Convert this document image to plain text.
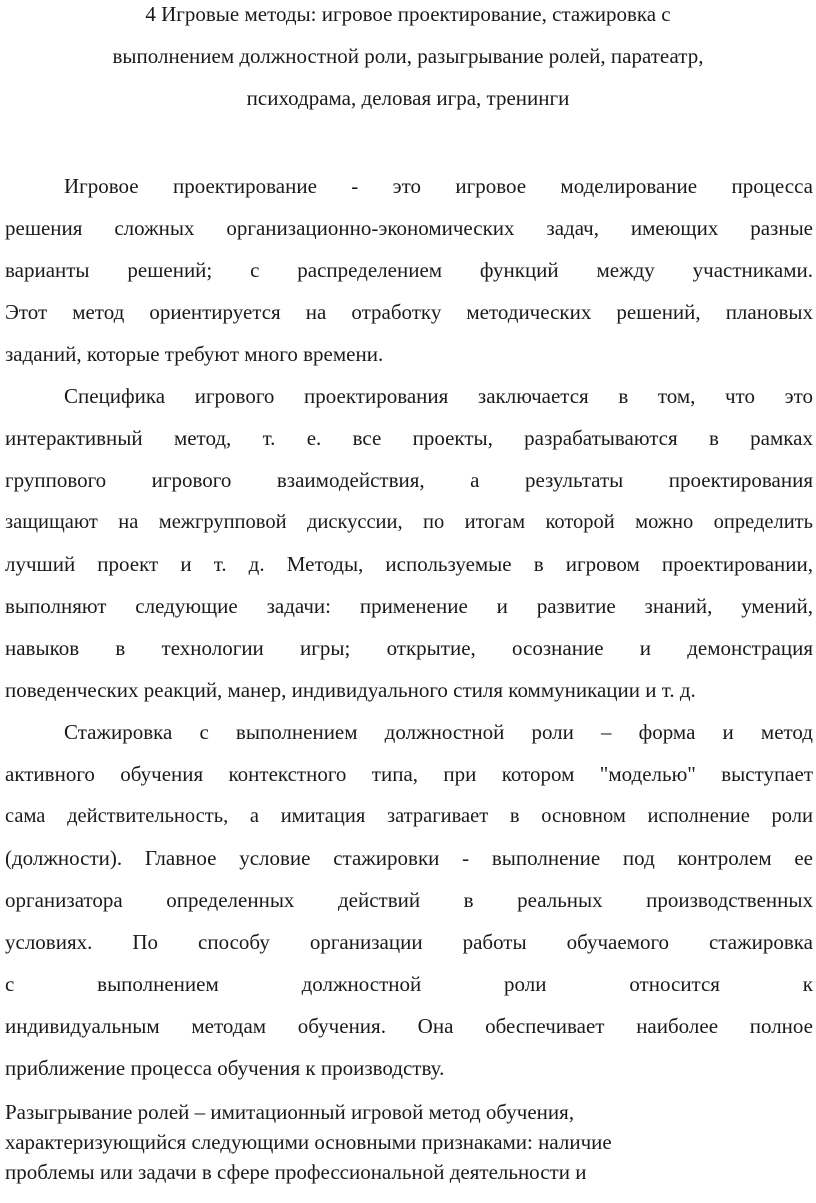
4 Игровые методы: игровое проектирование, стажировка с
выполнением должностной роли, разыгрывание ролей, паратеатр,
психодрама, деловая игра, тренинги
Игровое проектирование - это игровое моделирование процесса
решения сложных организационно-экономических задач, имеющих разные
варианты решений; с распределением функций между участниками.
Этот метод ориентируется на отработку методических решений, плановых
заданий, которые требуют много времени.
Специфика игрового проектирования заключается в том, что это
интерактивный метод, т. е. все проекты, разрабатываются в рамках
группового игрового взаимодействия, а результаты проектирования
защищают на межгрупповой дискуссии, по итогам которой можно определить
лучший проект и т. д. Методы, используемые в игровом проектировании,
выполняют следующие задачи: применение и развитие знаний, умений,
навыков в технологии игры; открытие, осознание и демонстрация
поведенческих реакций, манер, индивидуального стиля коммуникации и т. д.
Стажировка с выполнением должностной роли – форма и метод
активного обучения контекстного типа, при котором "моделью" выступает
сама действительность, а имитация затрагивает в основном исполнение роли
(должности). Главное условие стажировки - выполнение под контролем ее
организатора определенных действий в реальных производственных
условиях. По способу организации работы обучаемого стажировка
с выполнением должностной роли относится к
индивидуальным методам обучения. Она обеспечивает наиболее полное
приближение процесса обучения к производству.
Разыгрывание ролей – имитационный игровой метод обучения,
характеризующийся следующими основными признаками: наличие
проблемы или задачи в сфере профессиональной деятельности и
